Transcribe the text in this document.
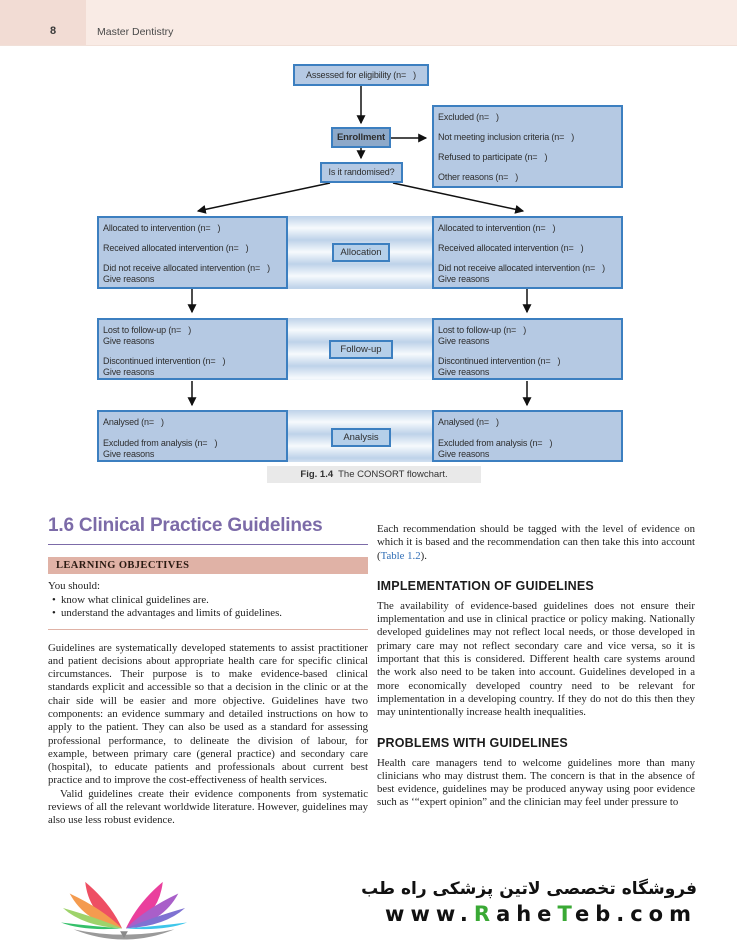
8	Master Dentistry
Assessed for eligibility (n=   )
Enrollment
Excluded (n=   )
Not meeting inclusion criteria (n=   )
Refused to participate (n=   )
Other reasons (n=   )
Is it randomised?
Allocated to intervention (n=   )
Received allocated intervention (n=   )
Did not receive allocated intervention (n=   )
Give reasons
Allocated to intervention (n=   )
Received allocated intervention (n=   )
Did not receive allocated intervention (n=   )
Give reasons
Allocation
Lost to follow-up (n=   )
Give reasons
Discontinued intervention (n=   )
Give reasons
Lost to follow-up (n=   )
Give reasons
Discontinued intervention (n=   )
Give reasons
Follow-up
Analysed (n=   )
Excluded from analysis (n=   )
Give reasons
Analysed (n=   )
Excluded from analysis (n=   )
Give reasons
Analysis
Fig. 1.4 The CONSORT flowchart.
1.6 Clinical Practice Guidelines
LEARNING OBJECTIVES
You should:
• know what clinical guidelines are.
• understand the advantages and limits of guidelines.

Guidelines are systematically developed statements to assist practitioner and patient decisions about appropriate health care for specific clinical circumstances. Their purpose is to make evidence-based clinical standards explicit and accessible so that a decision in the clinic or at the chair side will be easier and more objective. Guidelines have two components: an evidence summary and detailed instructions on how to apply to the patient. They can also be used as a standard for assessing professional performance, to delineate the division of labour, for example, between primary care (general practice) and secondary care (hospital), to educate patients and professionals about current best practice and to improve the cost-effectiveness of health services.

Valid guidelines create their evidence components from systematic reviews of all the relevant worldwide literature. However, guidelines may also use less robust evidence.

Each recommendation should be tagged with the level of evidence on which it is based and the recommendation can then take this into account (Table 1.2).

IMPLEMENTATION OF GUIDELINES

The availability of evidence-based guidelines does not ensure their implementation and use in clinical practice or policy making. Nationally developed guidelines may not reflect local needs, or those developed in primary care may not reflect secondary care and vice versa, so it is important that this is considered. Different health care systems around the work also need to be taken into account. Guidelines developed in a more economically developed country need to be relevant for implementation in a developing country. If they do not do this then they may unintentionally increase health inequalities.

PROBLEMS WITH GUIDELINES

Health care managers tend to welcome guidelines more than many clinicians who may distrust them. The concern is that in the absence of best evidence, guidelines may be produced anyway using poor evidence such as ‘“expert opinion” and the clinician may feel under pressure to

فروشگاه تخصصی لاتین پزشکی راه طب
www.RaheTeb.com
